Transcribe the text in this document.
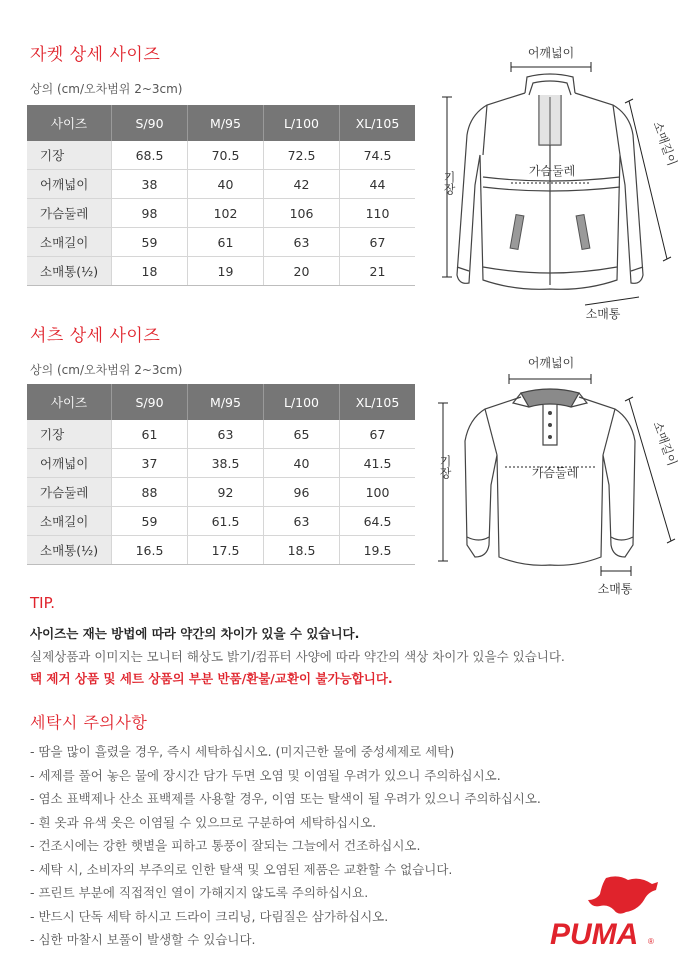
자켓 상세 사이즈
상의 (cm/오차범위 2~3cm)
사이즈	S/90	M/95	L/100	XL/105
기장	68.5	70.5	72.5	74.5
어깨넓이	38	40	42	44
가슴둘레	98	102	106	110
소매길이	59	61	63	67
소매통(½)	18	19	20	21
어깨넓이
기장	가슴둘레
소매길이
소매통
셔츠 상세 사이즈
상의 (cm/오차범위 2~3cm)
사이즈	S/90	M/95	L/100	XL/105
기장	61	63	65	67
어깨넓이	37	38.5	40	41.5
가슴둘레	88	92	96	100
소매길이	59	61.5	63	64.5
소매통(½)	16.5	17.5	18.5	19.5
어깨넓이
기장	가슴둘레
소매길이
소매통
TIP.
사이즈는 재는 방법에 따라 약간의 차이가 있을 수 있습니다.
실제상품과 이미지는 모니터 해상도 밝기/컴퓨터 사양에 따라 약간의 색상 차이가 있을수 있습니다.
택 제거 상품 및 세트 상품의 부분 반품/환불/교환이 불가능합니다.
세탁시 주의사항
- 땀을 많이 흘렸을 경우, 즉시 세탁하십시오. (미지근한 물에 중성세제로 세탁)
- 세제를 풀어 놓은 물에 장시간 담가 두면 오염 및 이염될 우려가 있으니 주의하십시오.
- 염소 표백제나 산소 표백제를 사용할 경우, 이염 또는 탈색이 될 우려가 있으니 주의하십시오.
- 흰 옷과 유색 옷은 이염될 수 있으므로 구분하여 세탁하십시오.
- 건조시에는 강한 햇볕을 피하고 통풍이 잘되는 그늘에서 건조하십시오.
- 세탁 시, 소비자의 부주의로 인한 탈색 및 오염된 제품은 교환할 수 없습니다.
- 프린트 부분에 직접적인 열이 가해지지 않도록 주의하십시요.
- 반드시 단독 세탁 하시고 드라이 크리닝, 다림질은 삼가하십시오.
- 심한 마찰시 보풀이 발생할 수 있습니다.	PUMA ®
